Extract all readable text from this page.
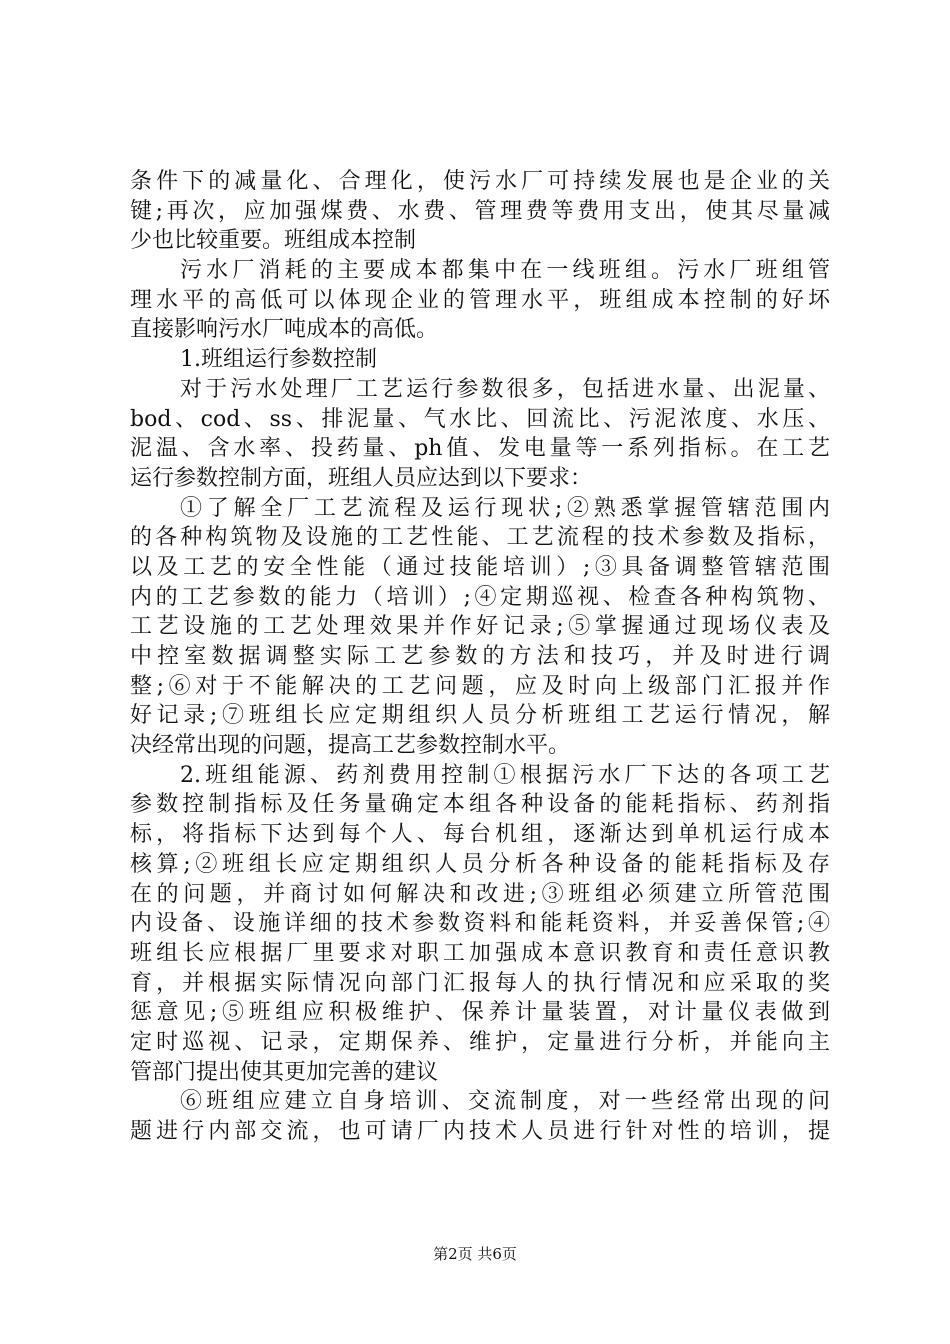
条件下的减量化、合理化，使污水厂可持续发展也是企业的关
键;再次，应加强煤费、水费、管理费等费用支出，使其尽量减
少也比较重要。班组成本控制
污水厂消耗的主要成本都集中在一线班组。污水厂班组管
理水平的高低可以体现企业的管理水平，班组成本控制的好坏
直接影响污水厂吨成本的高低。
1.班组运行参数控制
对于污水处理厂工艺运行参数很多，包括进水量、出泥量、
bod、cod、ss、排泥量、气水比、回流比、污泥浓度、水压、
泥温、含水率、投药量、ph值、发电量等一系列指标。在工艺
运行参数控制方面，班组人员应达到以下要求：
①了解全厂工艺流程及运行现状;②熟悉掌握管辖范围内
的各种构筑物及设施的工艺性能、工艺流程的技术参数及指标，
以及工艺的安全性能（通过技能培训）;③具备调整管辖范围
内的工艺参数的能力（培训）;④定期巡视、检查各种构筑物、
工艺设施的工艺处理效果并作好记录;⑤掌握通过现场仪表及
中控室数据调整实际工艺参数的方法和技巧，并及时进行调
整;⑥对于不能解决的工艺问题，应及时向上级部门汇报并作
好记录;⑦班组长应定期组织人员分析班组工艺运行情况，解
决经常出现的问题，提高工艺参数控制水平。
2.班组能源、药剂费用控制①根据污水厂下达的各项工艺
参数控制指标及任务量确定本组各种设备的能耗指标、药剂指
标，将指标下达到每个人、每台机组，逐渐达到单机运行成本
核算;②班组长应定期组织人员分析各种设备的能耗指标及存
在的问题，并商讨如何解决和改进;③班组必须建立所管范围
内设备、设施详细的技术参数资料和能耗资料，并妥善保管;④
班组长应根据厂里要求对职工加强成本意识教育和责任意识教
育，并根据实际情况向部门汇报每人的执行情况和应采取的奖
惩意见;⑤班组应积极维护、保养计量装置，对计量仪表做到
定时巡视、记录，定期保养、维护，定量进行分析，并能向主
管部门提出使其更加完善的建议
⑥班组应建立自身培训、交流制度，对一些经常出现的问
题进行内部交流，也可请厂内技术人员进行针对性的培训，提
第2页 共6页
